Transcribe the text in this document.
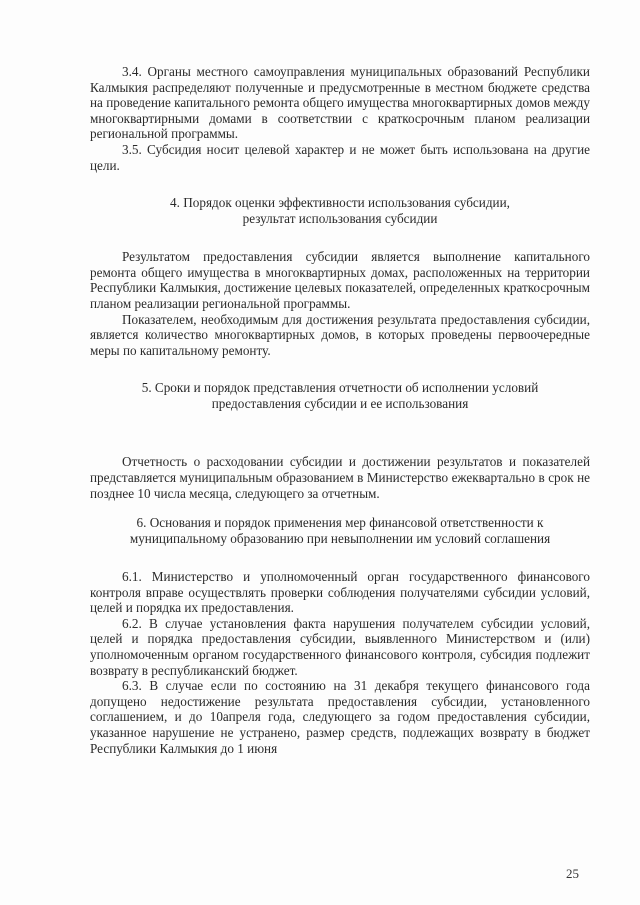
3.4. Органы местного самоуправления муниципальных образований Республики Калмыкия распределяют полученные и предусмотренные в местном бюджете средства на проведение капитального ремонта общего имущества многоквартирных домов между многоквартирными домами в соответствии с краткосрочным планом реализации региональной программы.

3.5. Субсидия носит целевой характер и не может быть использована на другие цели.

4. Порядок оценки эффективности использования субсидии,
результат использования субсидии

Результатом предоставления субсидии является выполнение капитального ремонта общего имущества в многоквартирных домах, расположенных на территории Республики Калмыкия, достижение целевых показателей, определенных краткосрочным планом реализации региональной программы.

Показателем, необходимым для достижения результата предоставления субсидии, является количество многоквартирных домов, в которых проведены первоочередные меры по капитальному ремонту.

5. Сроки и порядок представления отчетности об исполнении условий
предоставления субсидии и ее использования

Отчетность о расходовании субсидии и достижении результатов и показателей представляется муниципальным образованием в Министерство ежеквартально в срок не позднее 10 числа месяца, следующего за отчетным.

6. Основания и порядок применения мер финансовой ответственности к
муниципальному образованию при невыполнении им условий соглашения

6.1. Министерство и уполномоченный орган государственного финансового контроля вправе осуществлять проверки соблюдения получателями субсидии условий, целей и порядка их предоставления.

6.2. В случае установления факта нарушения получателем субсидии условий, целей и порядка предоставления субсидии, выявленного Министерством и (или) уполномоченным органом государственного финансового контроля, субсидия подлежит возврату в республиканский бюджет.

6.3. В случае если по состоянию на 31 декабря текущего финансового года допущено недостижение результата предоставления субсидии, установленного соглашением, и до 10апреля года, следующего за годом предоставления субсидии, указанное нарушение не устранено, размер средств, подлежащих возврату в бюджет Республики Калмыкия до 1 июня

25
